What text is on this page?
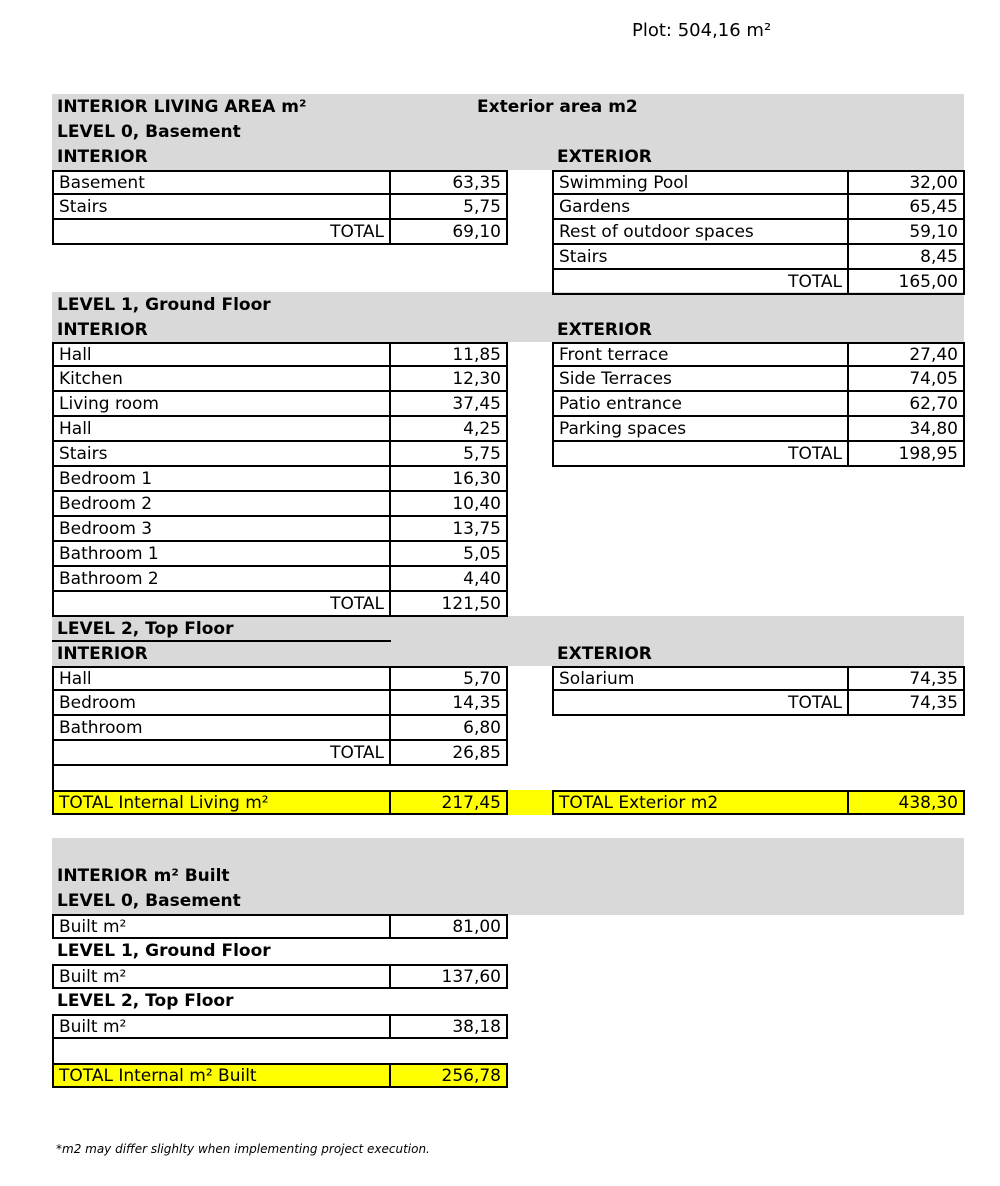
Plot: 504,16 m²
INTERIOR LIVING AREA m²	Exterior area m2
LEVEL 0, Basement
INTERIOR	EXTERIOR
Basement	63,35
Stairs	5,75
TOTAL	69,10
Swimming Pool	32,00
Gardens	65,45
Rest of outdoor spaces	59,10
Stairs	8,45
TOTAL	165,00
LEVEL 1, Ground Floor
INTERIOR	EXTERIOR
Hall	11,85
Kitchen	12,30
Living room	37,45
Hall	4,25
Stairs	5,75
Bedroom 1	16,30
Bedroom 2	10,40
Bedroom 3	13,75
Bathroom 1	5,05
Bathroom 2	4,40
TOTAL	121,50
Front terrace	27,40
Side Terraces	74,05
Patio entrance	62,70
Parking spaces	34,80
TOTAL	198,95
LEVEL 2, Top Floor
INTERIOR	EXTERIOR
Hall	5,70
Bedroom	14,35
Bathroom	6,80
TOTAL	26,85
Solarium	74,35
TOTAL	74,35
TOTAL Internal Living m²	217,45	TOTAL Exterior m2	438,30
INTERIOR m² Built
LEVEL 0, Basement
Built m²	81,00
LEVEL 1, Ground Floor
Built m²	137,60
LEVEL 2, Top Floor
Built m²	38,18
TOTAL Internal m² Built	256,78
*m2 may differ slighlty when implementing project execution.
